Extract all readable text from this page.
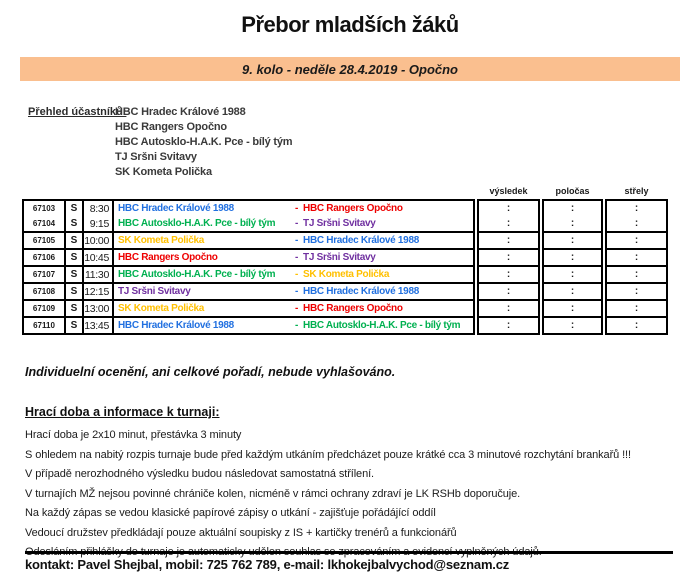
Přebor mladších žáků
9. kolo - neděle 28.4.2019 - Opočno
Přehled účastníků:
HBC Hradec Králové 1988
HBC Rangers Opočno
HBC Autosklo-H.A.K. Pce - bílý tým
TJ Sršni Svitavy
SK Kometa Polička
výsledek	poločas	střely
67103	S	8:30 HBC Hradec Králové 1988	- HBC Rangers Opočno	:	:	:
67104	S	9:15 HBC Autosklo-H.A.K. Pce - bílý tým - TJ Sršni Svitavy	:	:	:
67105	S 10:00 SK Kometa Polička	- HBC Hradec Králové 1988	:	:	:
67106	S 10:45 HBC Rangers Opočno	- TJ Sršni Svitavy	:	:	:
67107	S 11:30 HBC Autosklo-H.A.K. Pce - bílý tým - SK Kometa Polička	:	:	:
67108	S 12:15 TJ Sršni Svitavy	- HBC Hradec Králové 1988	:	:	:
67109	S 13:00 SK Kometa Polička	- HBC Rangers Opočno	:	:	:
67110	S 13:45 HBC Hradec Králové 1988	- HBC Autosklo-H.A.K. Pce - bílý tým	:	:	:
Individuelní ocenění, ani celkové pořadí, nebude vyhlašováno.
Hrací doba a informace k turnaji:
Hrací doba je 2x10 minut, přestávka 3 minuty
S ohledem na nabitý rozpis turnaje bude před každým utkáním předcházet pouze krátké cca 3 minutové rozchytání brankařů !!!
V případě nerozhodného výsledku budou následovat samostatná střílení.
V turnajích MŽ nejsou povinné chrániče kolen, nicméně v rámci ochrany zdraví je LK RSHb doporučuje.
Na každý zápas se vedou klasické papírové zápisy o utkání - zajišťuje pořádájící oddíl
Vedoucí družstev předkládají pouze aktuální soupisky z IS + kartičky trenérů a funkcionářů
Odesláním přihlášky do turnaje je automaticky udělen souhlas se zpracováním a evidencí vyplněných údajů.
kontakt: Pavel Shejbal, mobil: 725 762 789, e-mail: lkhokejbalvychod@seznam.cz
